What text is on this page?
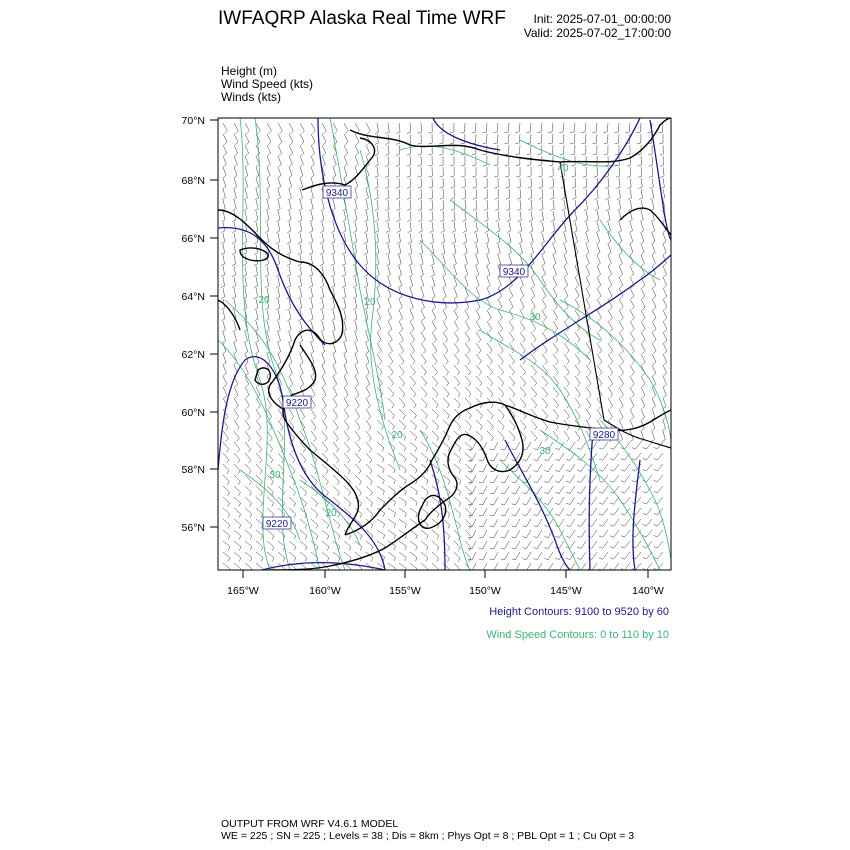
IWFAQRP Alaska Real Time WRF Init: 2025-07-01_00:00:00
Valid: 2025-07-02_17:00:00
Height (m)
Wind Speed (kts)
Winds (kts)
70°N
68°N
66°N
64°N
62°N
60°N
58°N
56°N
165°W	160°W	155°W	150°W	145°W	140°W
9340
9340
9220
9280
9220
20	20
30
20
30
30
20
40
Height Contours: 9100 to 9520 by 60
Wind Speed Contours: 0 to 110 by 10
OUTPUT FROM WRF V4.6.1 MODEL
WE = 225 ; SN = 225 ; Levels = 38 ; Dis = 8km ; Phys Opt = 8 ; PBL Opt = 1 ; Cu Opt = 3
